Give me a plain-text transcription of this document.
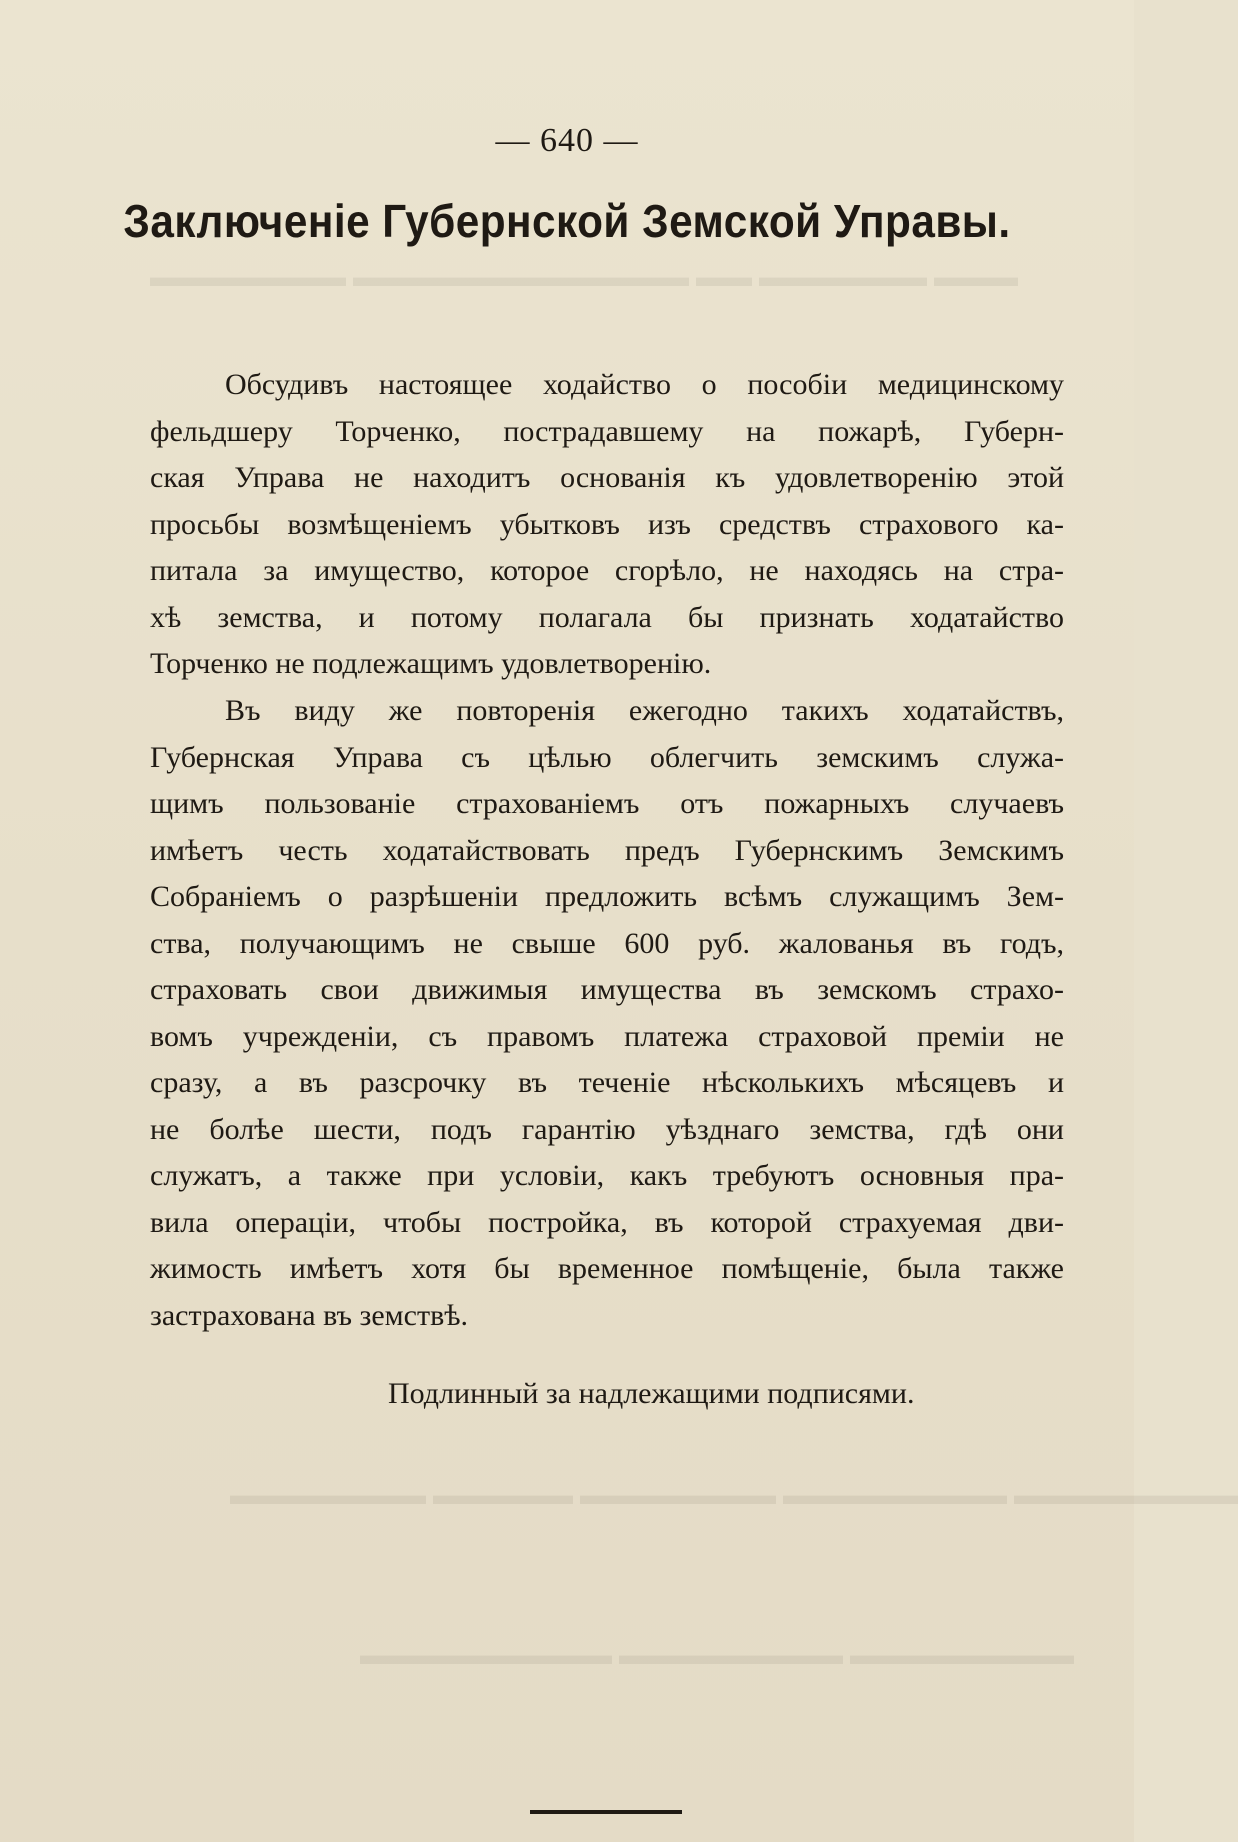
▬▬▬ ▬▬▬▬▬▬ ▬▬ ▬▬▬▬▬▬▬▬▬▬▬▬ ▬▬▬▬▬▬▬
▬▬▬▬▬▬▬▬ ▬▬▬▬▬▬▬▬ ▬▬▬▬▬▬▬ ▬▬▬▬▬ ▬▬▬▬▬▬▬
▬▬▬▬▬▬▬▬ ▬▬▬▬▬▬▬▬ ▬▬▬▬▬▬▬▬▬
— 640 —
Заключеніе Губернской Земской Управы.
Обсудивъ настоящее ходайство о пособіи медицинскому
фельдшеру Торченко, пострадавшему на пожарѣ, Губерн-
ская Управа не находитъ основанія къ удовлетворенію этой
просьбы возмѣщеніемъ убытковъ изъ средствъ страхового ка-
питала за имущество, которое сгорѣло, не находясь на стра-
хѣ земства, и потому полагала бы признать ходатайство
Торченко не подлежащимъ удовлетворенію.
Въ виду же повторенія ежегодно такихъ ходатайствъ,
Губернская Управа съ цѣлью облегчить земскимъ служа-
щимъ пользованіе страхованіемъ отъ пожарныхъ случаевъ
имѣетъ честь ходатайствовать предъ Губернскимъ Земскимъ
Собраніемъ о разрѣшеніи предложить всѣмъ служащимъ Зем-
ства, получающимъ не свыше 600 руб. жалованья въ годъ,
страховать свои движимыя имущества въ земскомъ страхо-
вомъ учрежденіи, съ правомъ платежа страховой преміи не
сразу, а въ разсрочку въ теченіе нѣсколькихъ мѣсяцевъ и
не болѣе шести, подъ гарантію уѣзднаго земства, гдѣ они
служатъ, а также при условіи, какъ требуютъ основныя пра-
вила операціи, чтобы постройка, въ которой страхуемая дви-
жимость имѣетъ хотя бы временное помѣщеніе, была также
застрахована въ земствѣ.
Подлинный за надлежащими подписями.
